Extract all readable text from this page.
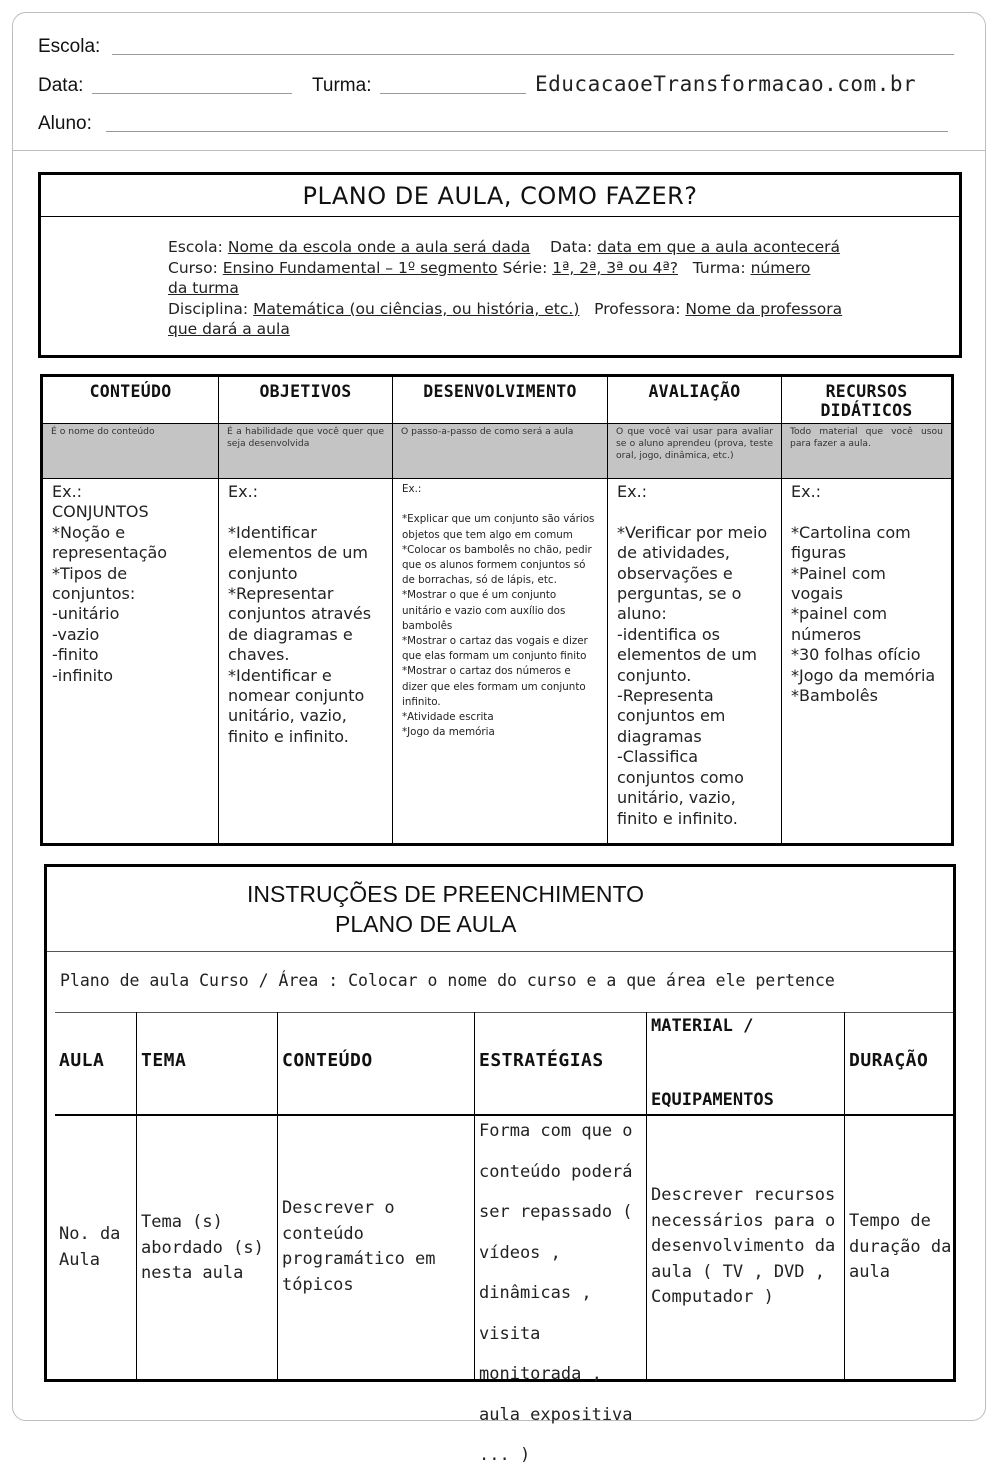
Escola:
Data:	Turma:	EducacaoeTransformacao.com.br
Aluno:
PLANO DE AULA, COMO FAZER?
Escola: Nome da escola onde a aula será dada Data: data em que a aula acontecerá
Curso: Ensino Fundamental – 1º segmento Série: 1ª, 2ª, 3ª ou 4ª? Turma: número
da turma
Disciplina: Matemática (ou ciências, ou história, etc.) Professora: Nome da professora
que dará a aula
CONTEÚDO
É o nome do conteúdo
Ex.:
CONJUNTOS
*Noção e representação
*Tipos de conjuntos:
-unitário
-vazio
-finito
-infinito
OBJETIVOS
É a habilidade que você quer que seja desenvolvida
Ex.:

*Identificar elementos de um conjunto
*Representar conjuntos através de diagramas e chaves.
*Identificar e nomear conjunto unitário, vazio, finito e infinito.
DESENVOLVIMENTO
O passo-a-passo de como será a aula
Ex.:

*Explicar que um conjunto são vários objetos que tem algo em comum
*Colocar os bambolês no chão, pedir que os alunos formem conjuntos só de borrachas, só de lápis, etc.
*Mostrar o que é um conjunto unitário e vazio com auxílio dos bambolês
*Mostrar o cartaz das vogais e dizer que elas formam um conjunto finito
*Mostrar o cartaz dos números e dizer que eles formam um conjunto infinito.
*Atividade escrita
*Jogo da memória
AVALIAÇÃO
O que você vai usar para avaliar se o aluno aprendeu (prova, teste oral, jogo, dinâmica, etc.)
Ex.:

*Verificar por meio de atividades, observações e perguntas, se o aluno:
-identifica os elementos de um conjunto.
-Representa conjuntos em diagramas
-Classifica conjuntos como unitário, vazio, finito e infinito.
RECURSOS DIDÁTICOS
Todo material que você usou para fazer a aula.
Ex.:

*Cartolina com figuras
*Painel com vogais
*painel com números
*30 folhas ofício
*Jogo da memória
*Bambolês
INSTRUÇÕES DE PREENCHIMENTO
PLANO DE AULA
Plano de aula Curso / Área : Colocar o nome do curso e a que área ele pertence
AULA
No. da Aula
TEMA
Tema (s) abordado (s) nesta aula
CONTEÚDO
Descrever o conteúdo programático em tópicos
ESTRATÉGIAS
Forma com que o conteúdo poderá ser repassado ( vídeos , dinâmicas , visita monitorada , aula expositiva ... )
MATERIAL /
EQUIPAMENTOS
Descrever recursos necessários para o desenvolvimento da aula ( TV , DVD , Computador )
DURAÇÃO
Tempo de duração da aula
